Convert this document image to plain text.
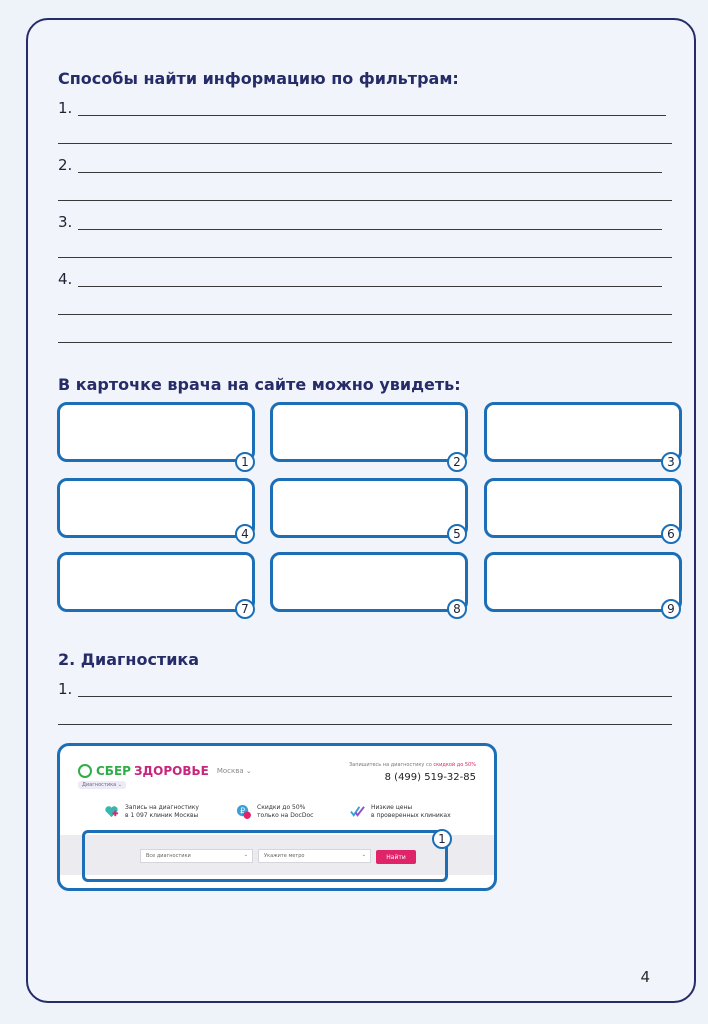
Способы найти информацию по фильтрам:
1.
2.
3.
4.
В карточке врача на сайте можно увидеть:
1	2	3
4	5	6
7	8	9
2. Диагностика
1.
СБЕР ЗДОРОВЬЕ Москва ⌄
Диагностика ⌄
Запишитесь на диагностику со скидкой до 50%
8 (499) 519-32-85
Запись на диагностику
в 1 097 клиник Москвы
₽ Скидки до 50%
только на DocDoc
Низкие цены
в проверенных клиниках
Все диагностики	⌄	Укажите метро	⌄	Найти
1
4
